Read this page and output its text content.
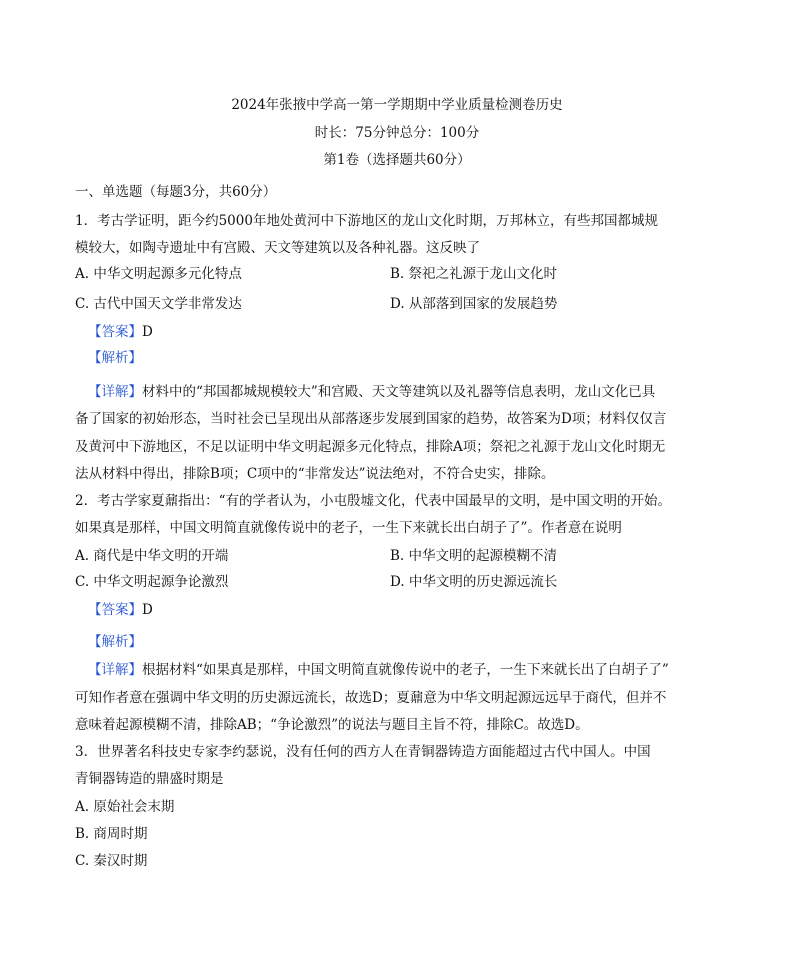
2024年张掖中学高一第一学期期中学业质量检测卷历史
时长：75分钟总分：100分
第1卷（选择题共60分）
一、单选题（每题3分，共60分）
1．考古学证明，距今约5000年地处黄河中下游地区的龙山文化时期，万邦林立，有些邦国都城规
模较大，如陶寺遗址中有宫殿、天文等建筑以及各种礼器。这反映了
A. 中华文明起源多元化特点	B. 祭祀之礼源于龙山文化时
C. 古代中国天文学非常发达	D. 从部落到国家的发展趋势
【答案】D
【解析】
【详解】材料中的“邦国都城规模较大”和宫殿、天文等建筑以及礼器等信息表明，龙山文化已具
备了国家的初始形态，当时社会已呈现出从部落逐步发展到国家的趋势，故答案为D项；材料仅仅言
及黄河中下游地区，不足以证明中华文明起源多元化特点，排除A项；祭祀之礼源于龙山文化时期无
法从材料中得出，排除B项；C项中的“非常发达”说法绝对，不符合史实，排除。
2．考古学家夏鼐指出：“有的学者认为，小屯殷墟文化，代表中国最早的文明，是中国文明的开始。
如果真是那样，中国文明简直就像传说中的老子，一生下来就长出白胡子了”。作者意在说明
A. 商代是中华文明的开端	B. 中华文明的起源模糊不清
C. 中华文明起源争论激烈	D. 中华文明的历史源远流长
【答案】D
【解析】
【详解】根据材料“如果真是那样，中国文明简直就像传说中的老子，一生下来就长出了白胡子了”
可知作者意在强调中华文明的历史源远流长，故选D；夏鼐意为中华文明起源远远早于商代，但并不
意味着起源模糊不清，排除AB；“争论激烈”的说法与题目主旨不符，排除C。故选D。
3．世界著名科技史专家李约瑟说，没有任何的西方人在青铜器铸造方面能超过古代中国人。中国
青铜器铸造的鼎盛时期是
A. 原始社会末期
B. 商周时期
C. 秦汉时期
